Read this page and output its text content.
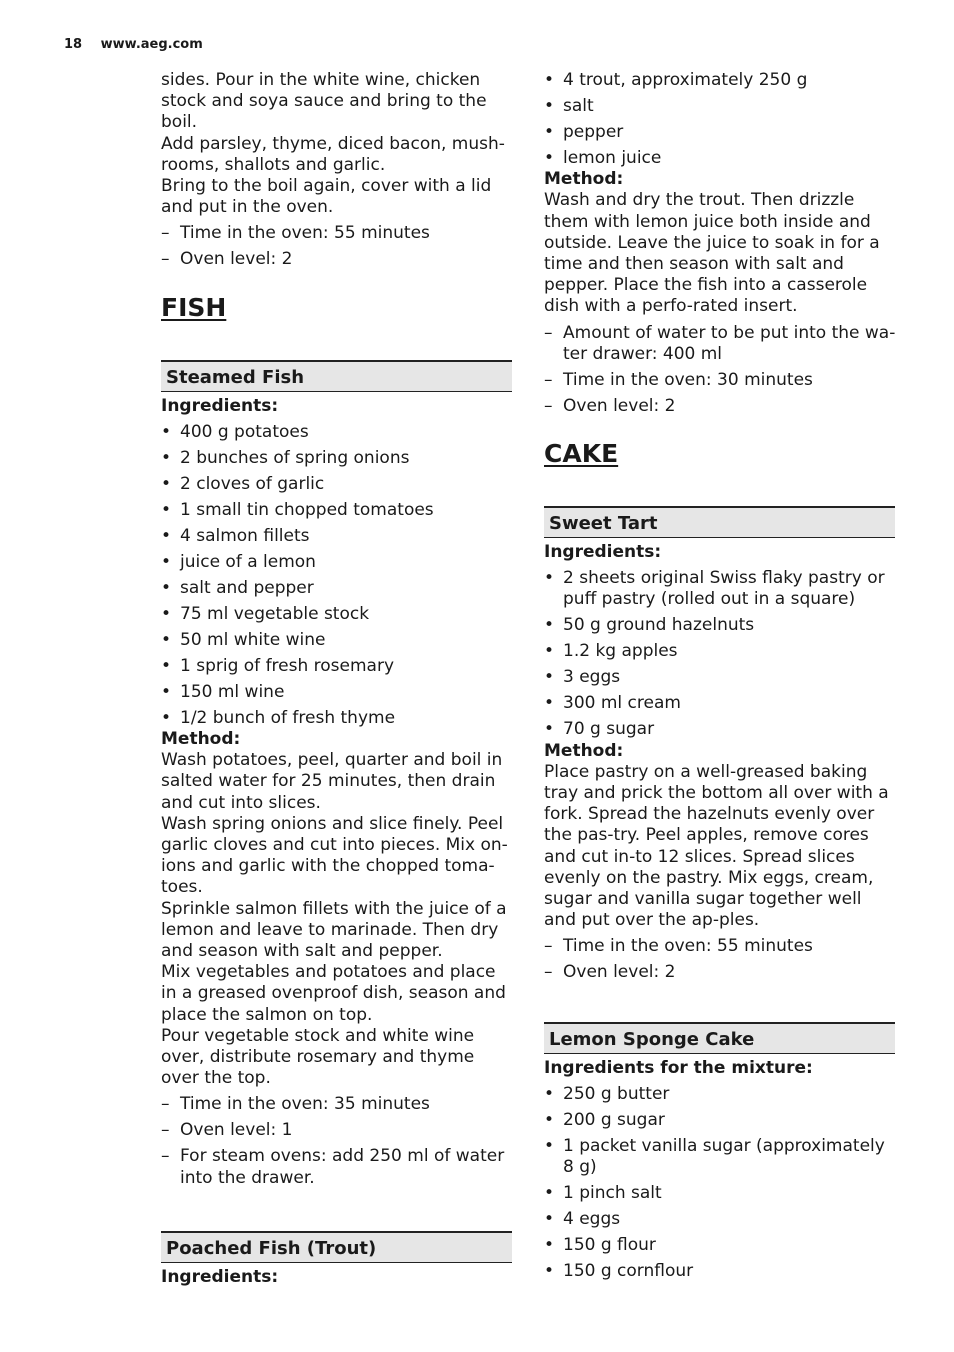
18 www.aeg.com

sides. Pour in the white wine, chicken stock and soya sauce and bring to the boil.

Add parsley, thyme, diced bacon, mush-rooms, shallots and garlic.

Bring to the boil again, cover with a lid and put in the oven.

– Time in the oven: 55 minutes
– Oven level: 2
FISH
Steamed Fish

Ingredients:

• 400 g potatoes
• 2 bunches of spring onions
• 2 cloves of garlic
• 1 small tin chopped tomatoes
• 4 salmon fillets
• juice of a lemon
• salt and pepper
• 75 ml vegetable stock
• 50 ml white wine
• 1 sprig of fresh rosemary
• 150 ml wine
• 1/2 bunch of fresh thyme

Method:

Wash potatoes, peel, quarter and boil in salted water for 25 minutes, then drain and cut into slices.

Wash spring onions and slice finely. Peel garlic cloves and cut into pieces. Mix on-ions and garlic with the chopped toma-toes.

Sprinkle salmon fillets with the juice of a lemon and leave to marinade. Then dry and season with salt and pepper.

Mix vegetables and potatoes and place in a greased ovenproof dish, season and place the salmon on top.

Pour vegetable stock and white wine over, distribute rosemary and thyme over the top.

– Time in the oven: 35 minutes
– Oven level: 1
– For steam ovens: add 250 ml of water into the drawer.
Poached Fish (Trout)

Ingredients:

• 4 trout, approximately 250 g
• salt
• pepper
• lemon juice

Method:

Wash and dry the trout. Then drizzle them with lemon juice both inside and outside. Leave the juice to soak in for a time and then season with salt and pepper. Place the fish into a casserole dish with a perfo-rated insert.

– Amount of water to be put into the wa-ter drawer: 400 ml
– Time in the oven: 30 minutes
– Oven level: 2
CAKE
Sweet Tart

Ingredients:

• 2 sheets original Swiss flaky pastry or puff pastry (rolled out in a square)
• 50 g ground hazelnuts
• 1.2 kg apples
• 3 eggs
• 300 ml cream
• 70 g sugar

Method:

Place pastry on a well-greased baking tray and prick the bottom all over with a fork. Spread the hazelnuts evenly over the pas-try. Peel apples, remove cores and cut in-to 12 slices. Spread slices evenly on the pastry. Mix eggs, cream, sugar and vanilla sugar together well and put over the ap-ples.

– Time in the oven: 55 minutes
– Oven level: 2
Lemon Sponge Cake

Ingredients for the mixture:

• 250 g butter
• 200 g sugar
• 1 packet vanilla sugar (approximately 8 g)
• 1 pinch salt
• 4 eggs
• 150 g flour
• 150 g cornflour
